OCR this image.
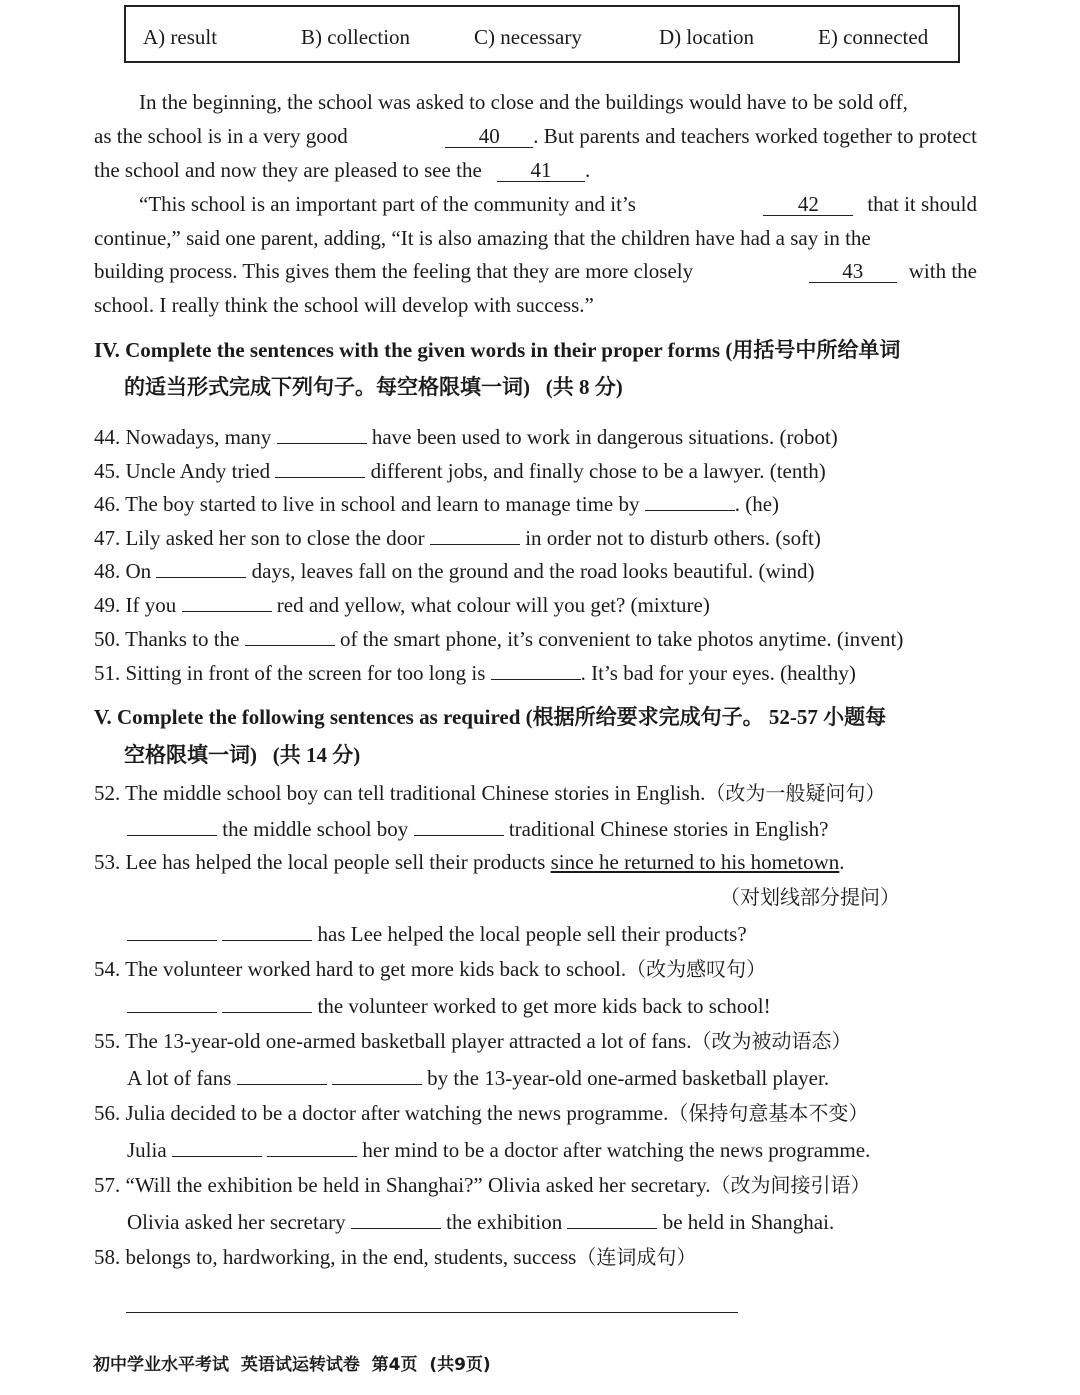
A) result	B) collection	C) necessary	D) location	E) connected
In the beginning, the school was asked to close and the buildings would have to be sold off,
as the school is in a very good	40 . But parents and teachers worked together to protect
the school and now they are pleased to see the 41 .
“This school is an important part of the community and it’s	42 that it should
continue,” said one parent, adding, “It is also amazing that the children have had a say in the
building process. This gives them the feeling that they are more closely	43 with the
school. I really think the school will develop with success.”
IV. Complete the sentences with the given words in their proper forms (用括号中所给单词
的适当形式完成下列句子。每空格限填一词)   (共 8 分)
44. Nowadays, many	have been used to work in dangerous situations. (robot)
45. Uncle Andy tried	different jobs, and finally chose to be a lawyer. (tenth)
46. The boy started to live in school and learn to manage time by	. (he)
47. Lily asked her son to close the door	in order not to disturb others. (soft)
48. On	days, leaves fall on the ground and the road looks beautiful. (wind)
49. If you	red and yellow, what colour will you get? (mixture)
50. Thanks to the	of the smart phone, it’s convenient to take photos anytime. (invent)
51. Sitting in front of the screen for too long is	. It’s bad for your eyes. (healthy)
V. Complete the following sentences as required (根据所给要求完成句子。 52-57 小题每
空格限填一词)   (共 14 分)
52. The middle school boy can tell traditional Chinese stories in English.（改为一般疑问句）
the middle school boy	traditional Chinese stories in English?
53. Lee has helped the local people sell their products since he returned to his hometown.
（对划线部分提问）
has Lee helped the local people sell their products?
54. The volunteer worked hard to get more kids back to school.（改为感叹句）
the volunteer worked to get more kids back to school!
55. The 13-year-old one-armed basketball player attracted a lot of fans.（改为被动语态）
A lot of fans	by the 13-year-old one-armed basketball player.
56. Julia decided to be a doctor after watching the news programme.（保持句意基本不变）
Julia	her mind to be a doctor after watching the news programme.
57. “Will the exhibition be held in Shanghai?” Olivia asked her secretary.（改为间接引语）
Olivia asked her secretary	the exhibition	be held in Shanghai.
58. belongs to, hardworking, in the end, students, success（连词成句）
初中学业水平考试  英语试运转试卷  第4页  (共9页)
